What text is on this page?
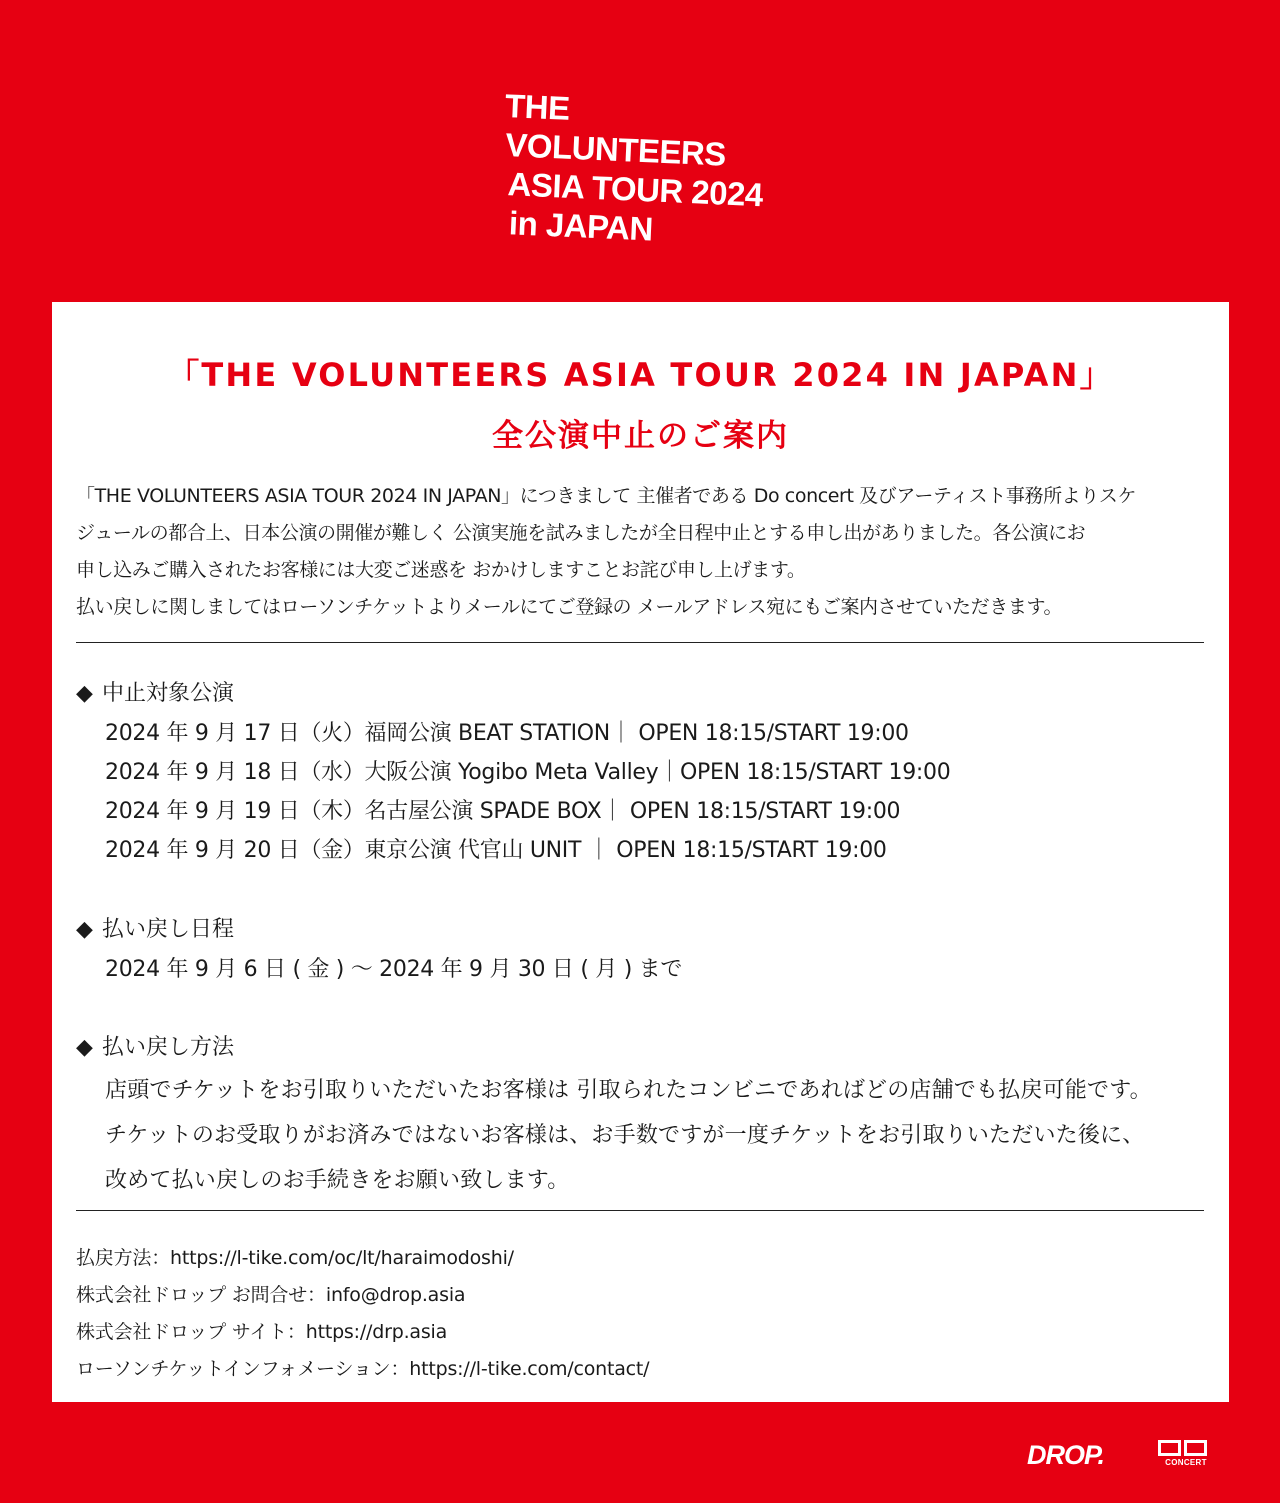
THE
VOLUNTEERS
ASIA TOUR 2024
in JAPAN
「THE VOLUNTEERS ASIA TOUR 2024 IN JAPAN」
全公演中止のご案内
「THE VOLUNTEERS ASIA TOUR 2024 IN JAPAN」につきまして 主催者である Do concert 及びアーティスト事務所よりスケ
ジュールの都合上、日本公演の開催が難しく 公演実施を試みましたが全日程中止とする申し出がありました。各公演にお
申し込みご購入されたお客様には大変ご迷惑を おかけしますことお詫び申し上げます。
払い戻しに関しましてはローソンチケットよりメールにてご登録の メールアドレス宛にもご案内させていただきます。
◆ 中止対象公演
2024 年 9 月 17 日（火）福岡公演 BEAT STATION｜ OPEN 18:15/START 19:00
2024 年 9 月 18 日（水）大阪公演 Yogibo Meta Valley｜OPEN 18:15/START 19:00
2024 年 9 月 19 日（木）名古屋公演 SPADE BOX｜ OPEN 18:15/START 19:00
2024 年 9 月 20 日（金）東京公演 代官山 UNIT ｜ OPEN 18:15/START 19:00
◆ 払い戻し日程
2024 年 9 月 6 日 ( 金 ) ～ 2024 年 9 月 30 日 ( 月 ) まで
◆ 払い戻し方法
店頭でチケットをお引取りいただいたお客様は 引取られたコンビニであればどの店舗でも払戻可能です。
チケットのお受取りがお済みではないお客様は、お手数ですが一度チケットをお引取りいただいた後に、
改めて払い戻しのお手続きをお願い致します。
払戻方法：https://l-tike.com/oc/lt/haraimodoshi/
株式会社ドロップ お問合せ：info@drop.asia
株式会社ドロップ サイト：https://drp.asia
ローソンチケットインフォメーション：https://l-tike.com/contact/
DROP.	CONCERT
